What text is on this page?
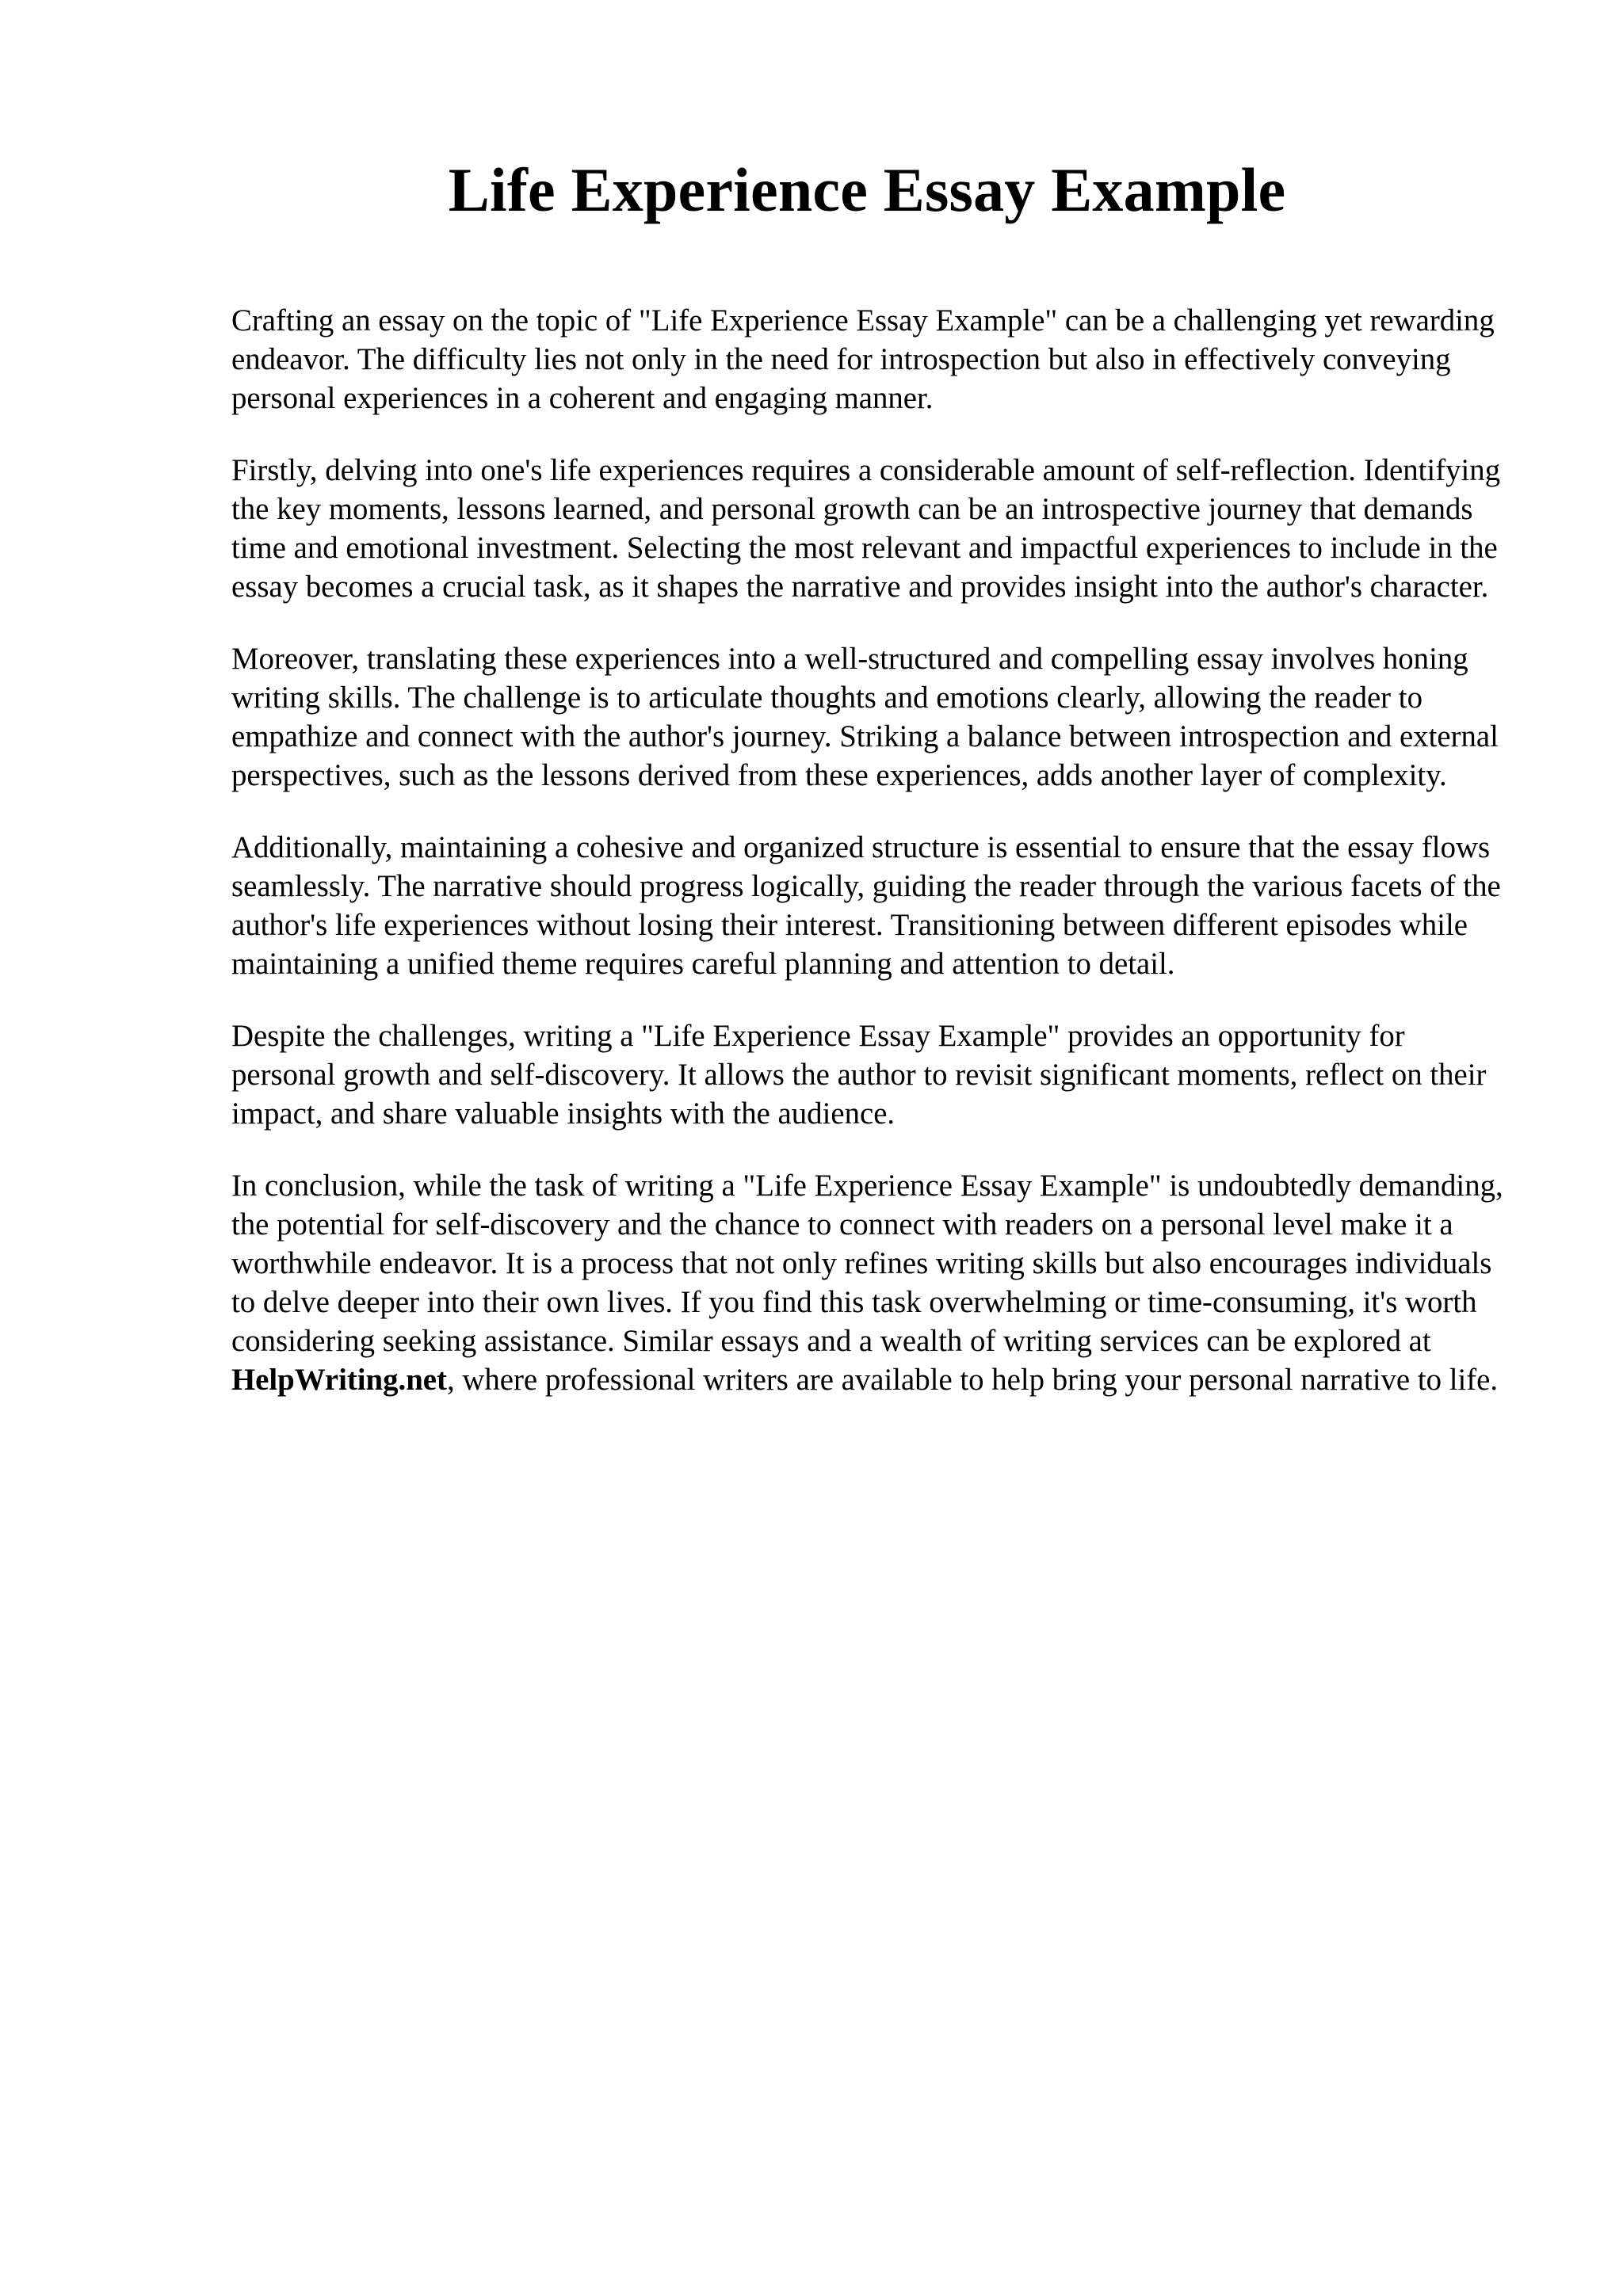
Life Experience Essay Example

Crafting an essay on the topic of "Life Experience Essay Example" can be a challenging yet rewarding endeavor. The difficulty lies not only in the need for introspection but also in effectively conveying personal experiences in a coherent and engaging manner.

Firstly, delving into one's life experiences requires a considerable amount of self-reflection. Identifying the key moments, lessons learned, and personal growth can be an introspective journey that demands time and emotional investment. Selecting the most relevant and impactful experiences to include in the essay becomes a crucial task, as it shapes the narrative and provides insight into the author's character.

Moreover, translating these experiences into a well-structured and compelling essay involves honing writing skills. The challenge is to articulate thoughts and emotions clearly, allowing the reader to empathize and connect with the author's journey. Striking a balance between introspection and external perspectives, such as the lessons derived from these experiences, adds another layer of complexity.

Additionally, maintaining a cohesive and organized structure is essential to ensure that the essay flows seamlessly. The narrative should progress logically, guiding the reader through the various facets of the author's life experiences without losing their interest. Transitioning between different episodes while maintaining a unified theme requires careful planning and attention to detail.

Despite the challenges, writing a "Life Experience Essay Example" provides an opportunity for personal growth and self-discovery. It allows the author to revisit significant moments, reflect on their impact, and share valuable insights with the audience.

In conclusion, while the task of writing a "Life Experience Essay Example" is undoubtedly demanding, the potential for self-discovery and the chance to connect with readers on a personal level make it a worthwhile endeavor. It is a process that not only refines writing skills but also encourages individuals to delve deeper into their own lives. If you find this task overwhelming or time-consuming, it's worth considering seeking assistance. Similar essays and a wealth of writing services can be explored at HelpWriting.net, where professional writers are available to help bring your personal narrative to life.
